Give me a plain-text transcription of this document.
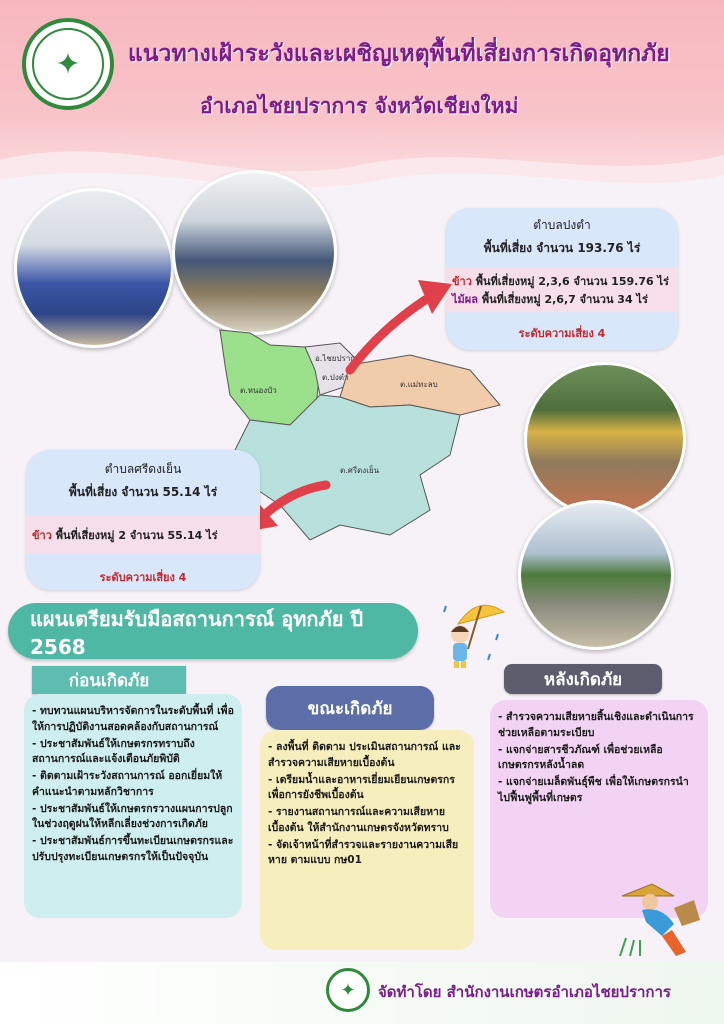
✦	แนวทางเฝ้าระวังและเผชิญเหตุพื้นที่เสี่ยงการเกิดอุทกภัย
อำเภอไชยปราการ จังหวัดเชียงใหม่
ตำบลปงตำ
พื้นที่เสี่ยง จำนวน 193.76 ไร่
ข้าว พื้นที่เสี่ยงหมู่ 2,3,6 จำนวน 159.76 ไร่
ไม้ผล พื้นที่เสี่ยงหมู่ 2,6,7 จำนวน 34 ไร่
ระดับความเสี่ยง 4
อ.ไชยปราการ
ต.หนองบัว
ต.ปงตำ
ต.แม่ทะลบ
ต.ศรีดงเย็น
ตำบลศรีดงเย็น
พื้นที่เสี่ยง จำนวน 55.14 ไร่
ข้าว พื้นที่เสี่ยงหมู่ 2 จำนวน 55.14 ไร่
ระดับความเสี่ยง 4
แผนเตรียมรับมือสถานการณ์ อุทกภัย ปี 2568
ก่อนเกิดภัย

- ทบทวนแผนบริหารจัดการในระดับพื้นที่ เพื่อให้การปฏิบัติงานสอดคล้องกับสถานการณ์

- ประชาสัมพันธ์ให้เกษตรกรทราบถึงสถานการณ์และแจ้งเตือนภัยพิบัติ

- ติดตามเฝ้าระวังสถานการณ์ ออกเยี่ยมให้คำแนะนำตามหลักวิชาการ

- ประชาสัมพันธ์ให้เกษตรกรวางแผนการปลูก ในช่วงฤดูฝนให้หลีกเลี่ยงช่วงการเกิดภัย

- ประชาสัมพันธ์การขึ้นทะเบียนเกษตรกรและปรับปรุงทะเบียนเกษตรกรให้เป็นปัจจุบัน

ขณะเกิดภัย

- ลงพื้นที่ ติดตาม ประเมินสถานการณ์ และสำรวจความเสียหายเบื้องต้น

- เตรียมน้ำและอาหารเยี่ยมเยียนเกษตรกรเพื่อการยังชีพเบื้องต้น

- รายงานสถานการณ์และความเสียหายเบื้องต้น ให้สำนักงานเกษตรจังหวัดทราบ

- จัดเจ้าหน้าที่สำรวจและรายงานความเสียหาย ตามแบบ กษ01

หลังเกิดภัย

- สำรวจความเสียหายสิ้นเชิงและดำเนินการช่วยเหลือตามระเบียบ

- แจกจ่ายสารชีวภัณฑ์ เพื่อช่วยเหลือเกษตรกรหลังน้ำลด

- แจกจ่ายเมล็ดพันธุ์พืช เพื่อให้เกษตรกรนำไปฟื้นฟูพื้นที่เกษตร

✦	จัดทำโดย สำนักงานเกษตรอำเภอไชยปราการ
